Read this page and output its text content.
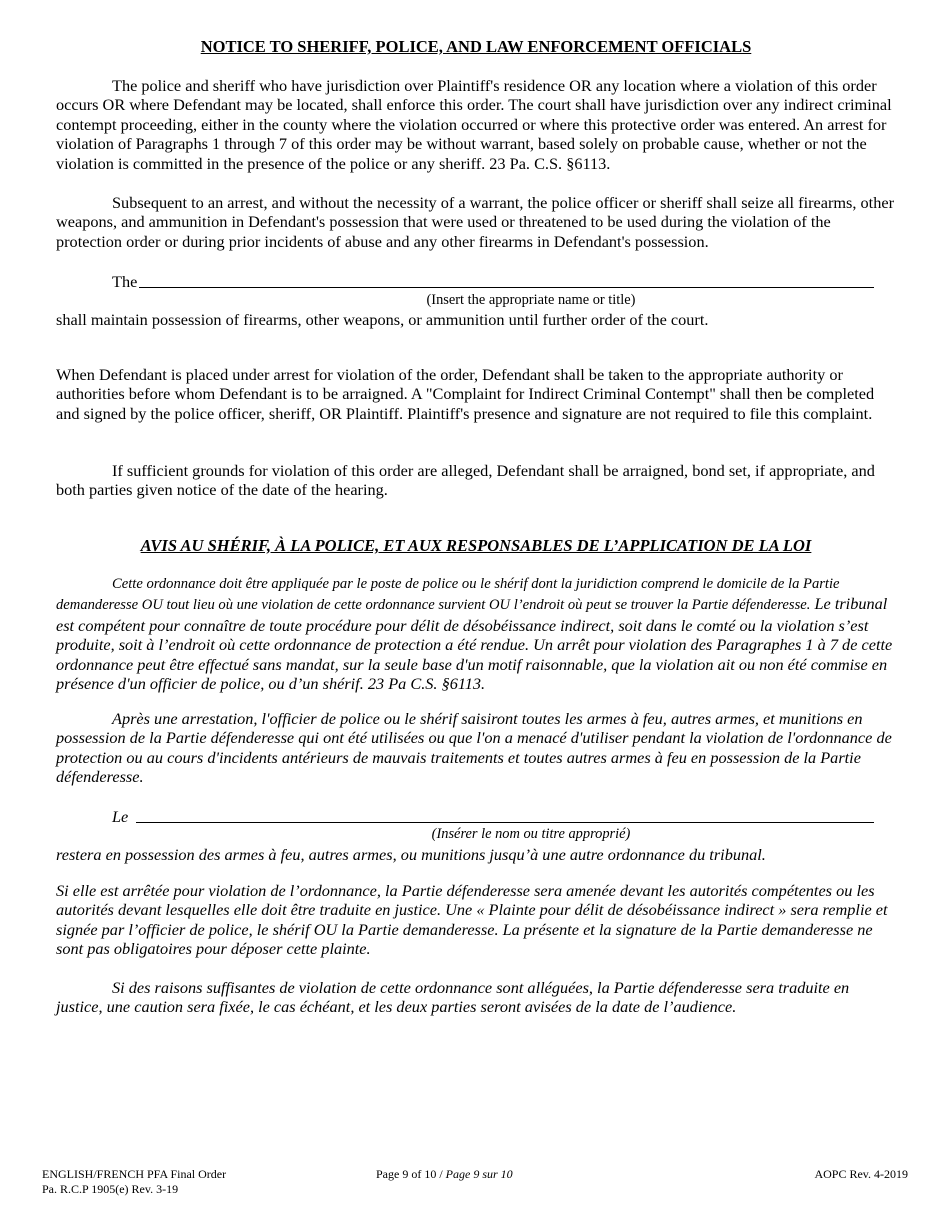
NOTICE TO SHERIFF, POLICE, AND LAW ENFORCEMENT OFFICIALS

The police and sheriff who have jurisdiction over Plaintiff's residence OR any location where a violation of this order occurs OR where Defendant may be located, shall enforce this order. The court shall have jurisdiction over any indirect criminal contempt proceeding, either in the county where the violation occurred or where this protective order was entered. An arrest for violation of Paragraphs 1 through 7 of this order may be without warrant, based solely on probable cause, whether or not the violation is committed in the presence of the police or any sheriff. 23 Pa. C.S. §6113.

Subsequent to an arrest, and without the necessity of a warrant, the police officer or sheriff shall seize all firearms, other weapons, and ammunition in Defendant's possession that were used or threatened to be used during the violation of the protection order or during prior incidents of abuse and any other firearms in Defendant's possession.

The
(Insert the appropriate name or title)

shall maintain possession of firearms, other weapons, or ammunition until further order of the court.

When Defendant is placed under arrest for violation of the order, Defendant shall be taken to the appropriate authority or authorities before whom Defendant is to be arraigned. A "Complaint for Indirect Criminal Contempt" shall then be completed and signed by the police officer, sheriff, OR Plaintiff. Plaintiff's presence and signature are not required to file this complaint.

If sufficient grounds for violation of this order are alleged, Defendant shall be arraigned, bond set, if appropriate, and both parties given notice of the date of the hearing.

AVIS AU SHÉRIF, À LA POLICE, ET AUX RESPONSABLES DE L’APPLICATION DE LA LOI

Cette ordonnance doit être appliquée par le poste de police ou le shérif dont la juridiction comprend le domicile de la Partie demanderesse OU tout lieu où une violation de cette ordonnance survient OU l’endroit où peut se trouver la Partie défenderesse. Le tribunal est compétent pour connaître de toute procédure pour délit de désobéissance indirect, soit dans le comté ou la violation s’est produite, soit à l’endroit où cette ordonnance de protection a été rendue. Un arrêt pour violation des Paragraphes 1 à 7 de cette ordonnance peut être effectué sans mandat, sur la seule base d'un motif raisonnable, que la violation ait ou non été commise en présence d'un officier de police, ou d’un shérif. 23 Pa C.S. §6113.

Après une arrestation, l'officier de police ou le shérif saisiront toutes les armes à feu, autres armes, et munitions en possession de la Partie défenderesse qui ont été utilisées ou que l'on a menacé d'utiliser pendant la violation de l'ordonnance de protection ou au cours d'incidents antérieurs de mauvais traitements et toutes autres armes à feu en possession de la Partie défenderesse.

Le
(Insérer le nom ou titre approprié)

restera en possession des armes à feu, autres armes, ou munitions jusqu’à une autre ordonnance du tribunal.

Si elle est arrêtée pour violation de l’ordonnance, la Partie défenderesse sera amenée devant les autorités compétentes ou les autorités devant lesquelles elle doit être traduite en justice. Une « Plainte pour délit de désobéissance indirect » sera remplie et signée par l’officier de police, le shérif OU la Partie demanderesse. La présente et la signature de la Partie demanderesse ne sont pas obligatoires pour déposer cette plainte.

Si des raisons suffisantes de violation de cette ordonnance sont alléguées, la Partie défenderesse sera traduite en justice, une caution sera fixée, le cas échéant, et les deux parties seront avisées de la date de l’audience.

ENGLISH/FRENCH PFA Final Order
Pa. R.C.P 1905(e) Rev. 3-19
Page 9 of 10 / Page 9 sur 10	AOPC Rev. 4-2019
